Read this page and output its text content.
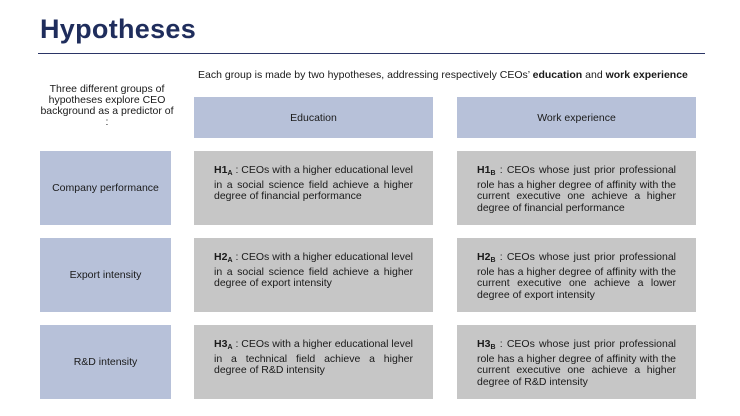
Hypotheses
Each group is made by two hypotheses, addressing respectively CEOs’ education and work experience
Three different groups of hypotheses explore CEO background as a predictor of :	Education	Work experience
Company performance
$H1_A$ : CEOs with a higher educational level in a social science field achieve a higher degree of financial performance
$H1_B$ : CEOs whose just prior professional role has a higher degree of affinity with the current executive one achieve a higher degree of financial performance
Export intensity
$H2_A$ : CEOs with a higher educational level in a social science field achieve a higher degree of export intensity
$H2_B$ : CEOs whose just prior professional role has a higher degree of affinity with the current executive one achieve a lower degree of export intensity
R&D intensity
$H3_A$ : CEOs with a higher educational level in a technical field achieve a higher degree of R&D intensity
$H3_B$ : CEOs whose just prior professional role has a higher degree of affinity with the current executive one achieve a higher degree of R&D intensity
